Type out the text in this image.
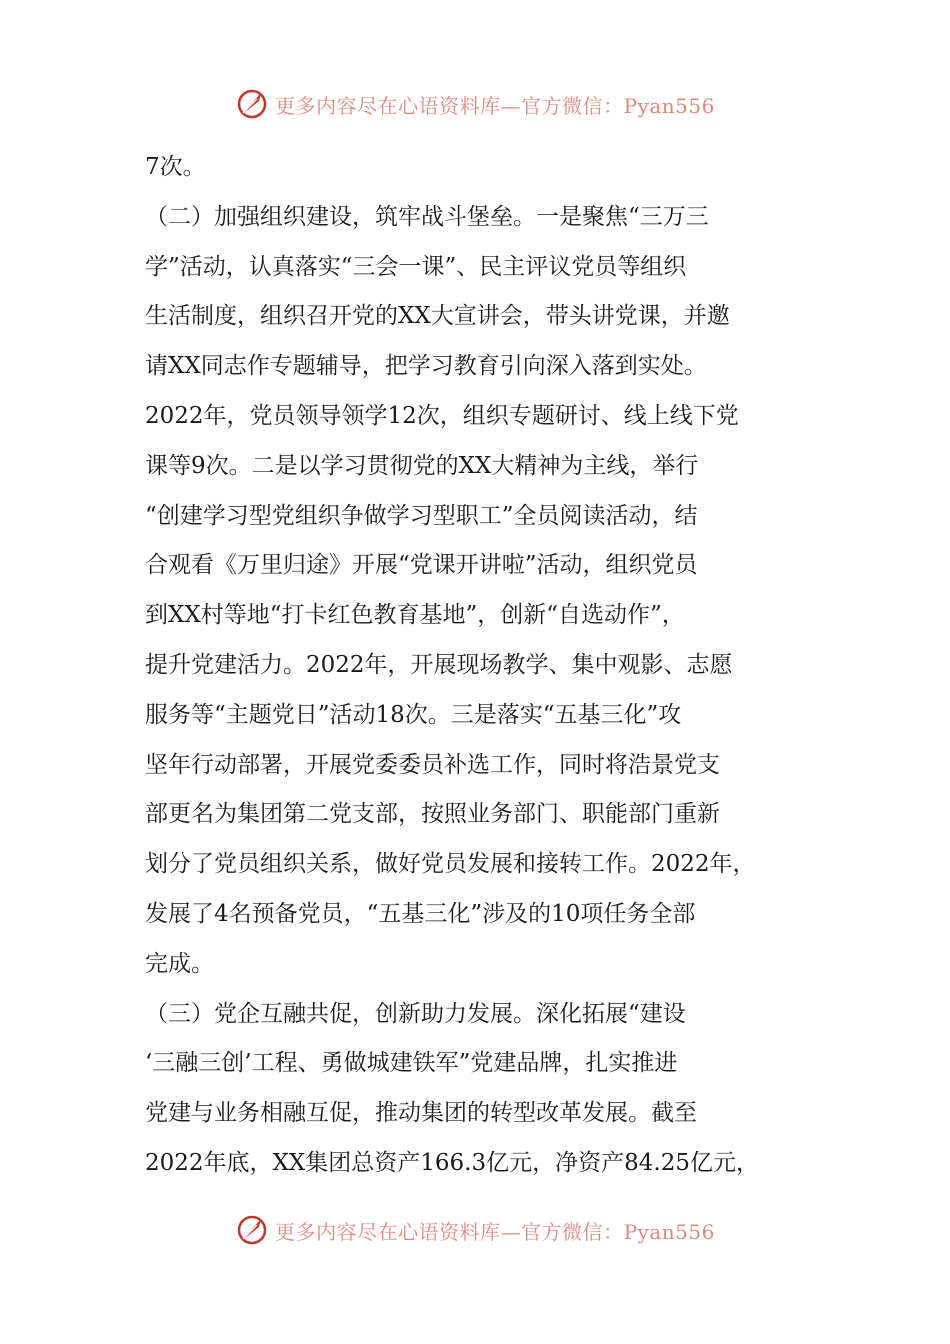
更多内容尽在心语资料库—官方微信：Pyan556
7次。
（二）加强组织建设，筑牢战斗堡垒。一是聚焦“三万三
学”活动，认真落实“三会一课”、民主评议党员等组织
生活制度，组织召开党的XX大宣讲会，带头讲党课，并邀
请XX同志作专题辅导，把学习教育引向深入落到实处。
2022年，党员领导领学12次，组织专题研讨、线上线下党
课等9次。二是以学习贯彻党的XX大精神为主线，举行
“创建学习型党组织争做学习型职工”全员阅读活动，结
合观看《万里归途》开展“党课开讲啦”活动，组织党员
到XX村等地“打卡红色教育基地”，创新“自选动作”，
提升党建活力。2022年，开展现场教学、集中观影、志愿
服务等“主题党日”活动18次。三是落实“五基三化”攻
坚年行动部署，开展党委委员补选工作，同时将浩景党支
部更名为集团第二党支部，按照业务部门、职能部门重新
划分了党员组织关系，做好党员发展和接转工作。2022年，
发展了4名预备党员，“五基三化”涉及的10项任务全部
完成。
（三）党企互融共促，创新助力发展。深化拓展“建设
‘三融三创’工程、勇做城建铁军”党建品牌，扎实推进
党建与业务相融互促，推动集团的转型改革发展。截至
2022年底，XX集团总资产166.3亿元，净资产84.25亿元，
更多内容尽在心语资料库—官方微信：Pyan556
